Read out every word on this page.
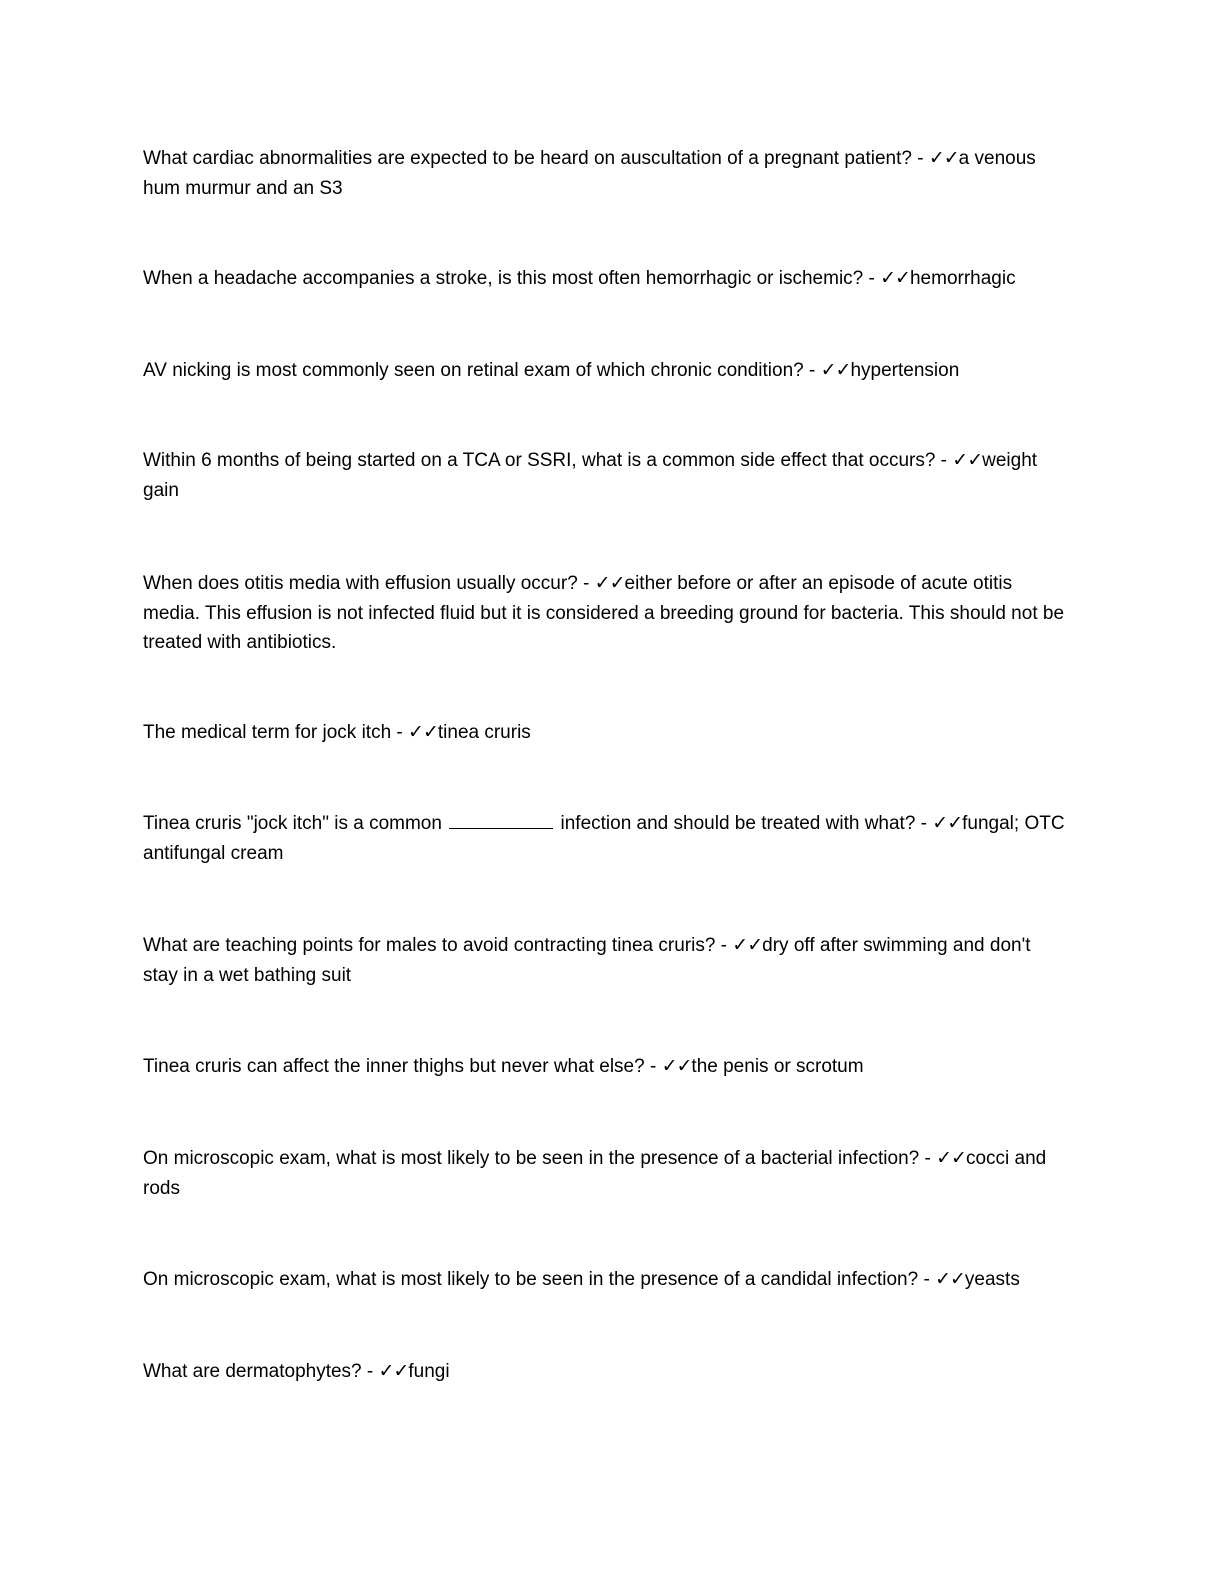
What cardiac abnormalities are expected to be heard on auscultation of a pregnant patient? - ✓✓a venous hum murmur and an S3

When a headache accompanies a stroke, is this most often hemorrhagic or ischemic? - ✓✓hemorrhagic

AV nicking is most commonly seen on retinal exam of which chronic condition? - ✓✓hypertension

Within 6 months of being started on a TCA or SSRI, what is a common side effect that occurs? - ✓✓weight gain

When does otitis media with effusion usually occur? - ✓✓either before or after an episode of acute otitis media. This effusion is not infected fluid but it is considered a breeding ground for bacteria. This should not be treated with antibiotics.

The medical term for jock itch - ✓✓tinea cruris

Tinea cruris "jock itch" is a common	infection and should be treated with what? - ✓✓fungal; OTC antifungal cream

What are teaching points for males to avoid contracting tinea cruris? - ✓✓dry off after swimming and don't stay in a wet bathing suit

Tinea cruris can affect the inner thighs but never what else? - ✓✓the penis or scrotum

On microscopic exam, what is most likely to be seen in the presence of a bacterial infection? - ✓✓cocci and rods

On microscopic exam, what is most likely to be seen in the presence of a candidal infection? - ✓✓yeasts

What are dermatophytes? - ✓✓fungi
